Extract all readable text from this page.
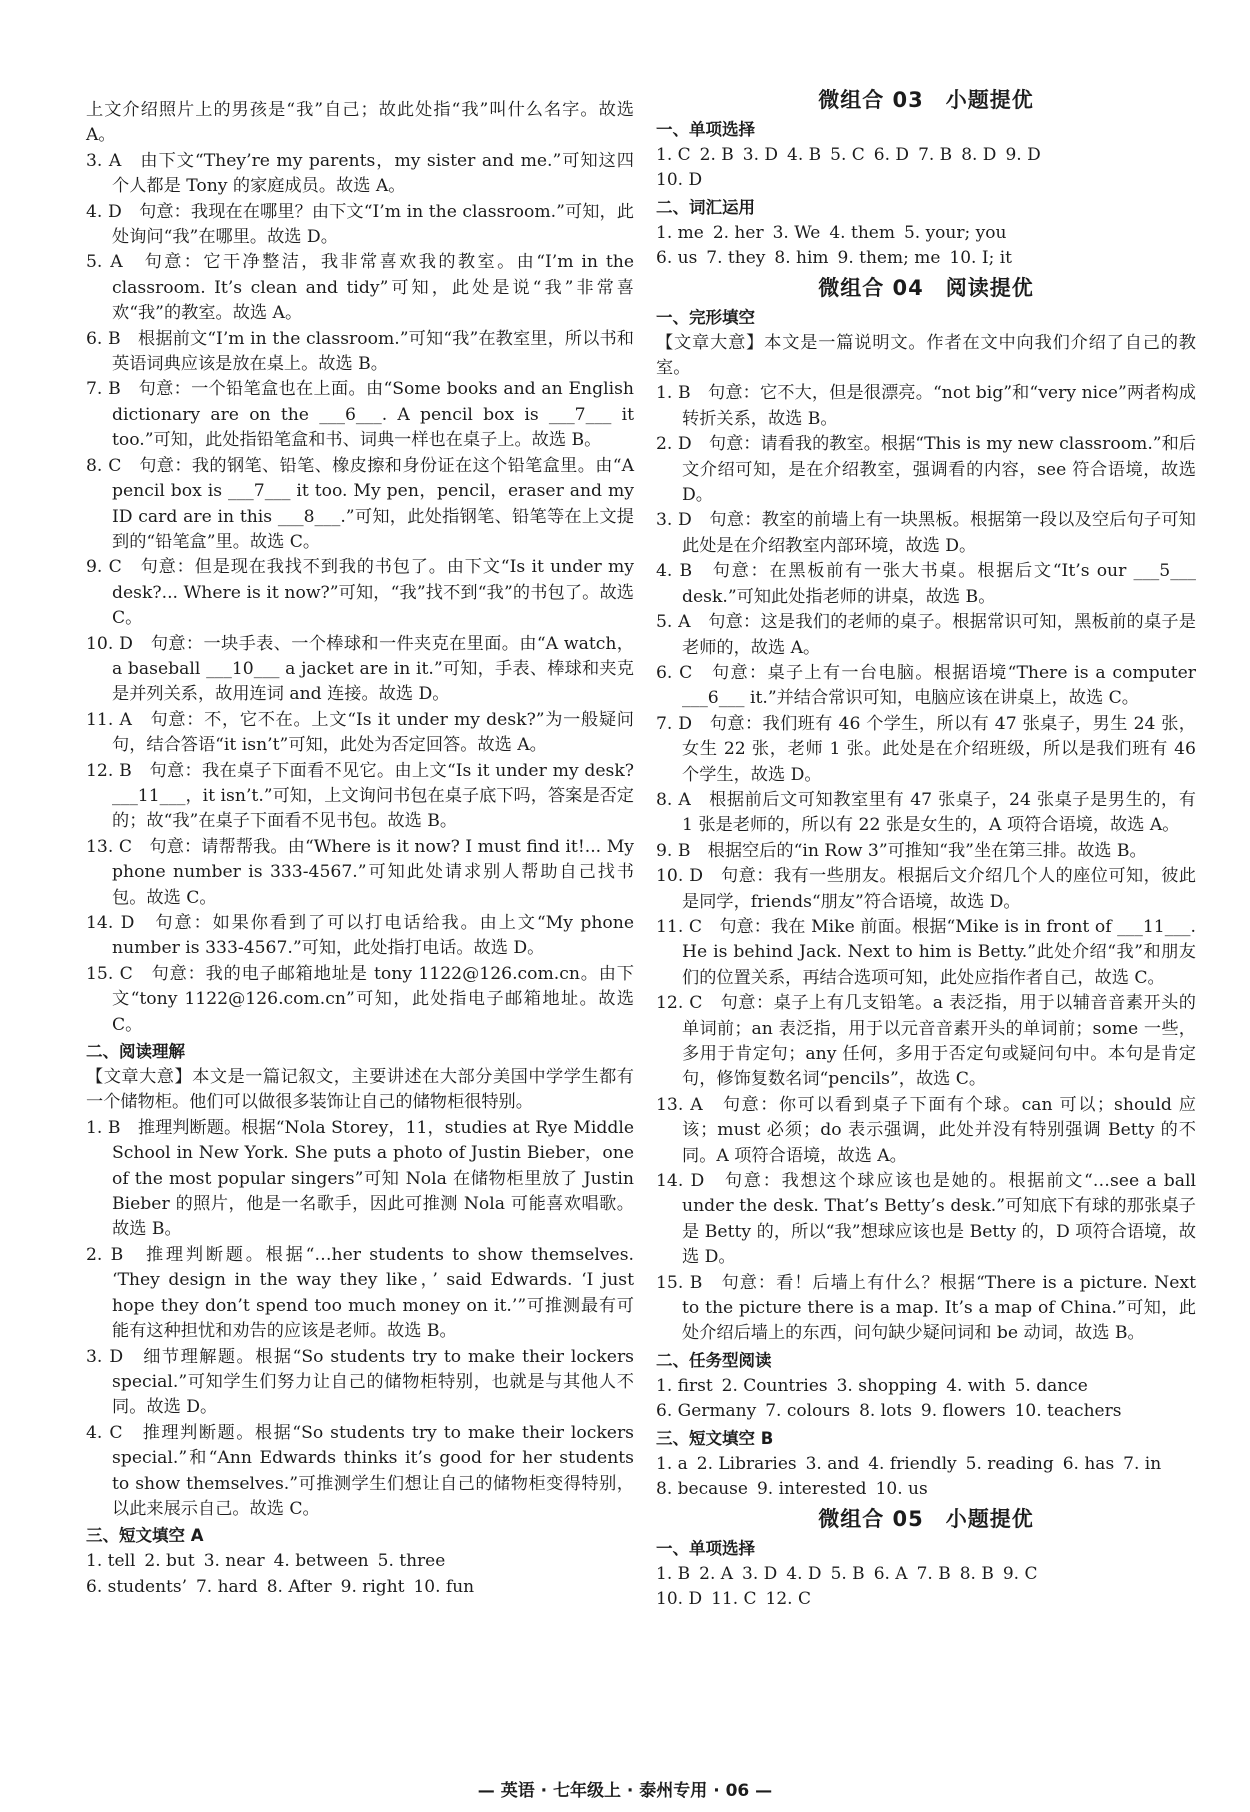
上文介绍照片上的男孩是“我”自己；故此处指“我”叫什么名字。故选 A。

3. A　由下文“They’re my parents，my sister and me.”可知这四个人都是 Tony 的家庭成员。故选 A。

4. D　句意：我现在在哪里？由下文“I’m in the classroom.”可知，此处询问“我”在哪里。故选 D。

5. A　句意：它干净整洁，我非常喜欢我的教室。由“I’m in the classroom. It’s clean and tidy”可知，此处是说“我”非常喜欢“我”的教室。故选 A。

6. B　根据前文“I’m in the classroom.”可知“我”在教室里，所以书和英语词典应该是放在桌上。故选 B。

7. B　句意：一个铅笔盒也在上面。由“Some books and an English dictionary are on the ___6___. A pencil box is ___7___ it too.”可知，此处指铅笔盒和书、词典一样也在桌子上。故选 B。

8. C　句意：我的钢笔、铅笔、橡皮擦和身份证在这个铅笔盒里。由“A pencil box is ___7___ it too. My pen，pencil，eraser and my ID card are in this ___8___.”可知，此处指钢笔、铅笔等在上文提到的“铅笔盒”里。故选 C。

9. C　句意：但是现在我找不到我的书包了。由下文“Is it under my desk?... Where is it now?”可知，“我”找不到“我”的书包了。故选 C。

10. D　句意：一块手表、一个棒球和一件夹克在里面。由“A watch，a baseball ___10___ a jacket are in it.”可知，手表、棒球和夹克是并列关系，故用连词 and 连接。故选 D。

11. A　句意：不，它不在。上文“Is it under my desk?”为一般疑问句，结合答语“it isn’t”可知，此处为否定回答。故选 A。

12. B　句意：我在桌子下面看不见它。由上文“Is it under my desk? ___11___，it isn’t.”可知，上文询问书包在桌子底下吗，答案是否定的；故“我”在桌子下面看不见书包。故选 B。

13. C　句意：请帮帮我。由“Where is it now? I must find it!... My phone number is 333-4567.”可知此处请求别人帮助自己找书包。故选 C。

14. D　句意：如果你看到了可以打电话给我。由上文“My phone number is 333-4567.”可知，此处指打电话。故选 D。

15. C　句意：我的电子邮箱地址是 tony 1122@126.com.cn。由下文“tony 1122@126.com.cn”可知，此处指电子邮箱地址。故选 C。

二、阅读理解

【文章大意】本文是一篇记叙文，主要讲述在大部分美国中学学生都有一个储物柜。他们可以做很多装饰让自己的储物柜很特别。

1. B　推理判断题。根据“Nola Storey，11，studies at Rye Middle School in New York. She puts a photo of Justin Bieber，one of the most popular singers”可知 Nola 在储物柜里放了 Justin Bieber 的照片，他是一名歌手，因此可推测 Nola 可能喜欢唱歌。故选 B。

2. B　推理判断题。根据“…her students to show themselves. ‘They design in the way they like，’ said Edwards. ‘I just hope they don’t spend too much money on it.’”可推测最有可能有这种担忧和劝告的应该是老师。故选 B。

3. D　细节理解题。根据“So students try to make their lockers special.”可知学生们努力让自己的储物柜特别，也就是与其他人不同。故选 D。

4. C　推理判断题。根据“So students try to make their lockers special.”和“Ann Edwards thinks it’s good for her students to show themselves.”可推测学生们想让自己的储物柜变得特别，以此来展示自己。故选 C。

三、短文填空 A
1. tell 2. but 3. near 4. between 5. three
6. students’ 7. hard 8. After 9. right 10. fun

微组合 03　小题提优

一、单项选择
1. C 2. B 3. D 4. B 5. C 6. D 7. B 8. D 9. D
10. D
二、词汇运用
1. me 2. her 3. We 4. them 5. your; you
6. us 7. they 8. him 9. them; me 10. I; it

微组合 04　阅读提优

一、完形填空

【文章大意】本文是一篇说明文。作者在文中向我们介绍了自己的教室。

1. B　句意：它不大，但是很漂亮。“not big”和“very nice”两者构成转折关系，故选 B。

2. D　句意：请看我的教室。根据“This is my new classroom.”和后文介绍可知，是在介绍教室，强调看的内容，see 符合语境，故选 D。

3. D　句意：教室的前墙上有一块黑板。根据第一段以及空后句子可知此处是在介绍教室内部环境，故选 D。

4. B　句意：在黑板前有一张大书桌。根据后文“It’s our ___5___ desk.”可知此处指老师的讲桌，故选 B。

5. A　句意：这是我们的老师的桌子。根据常识可知，黑板前的桌子是老师的，故选 A。

6. C　句意：桌子上有一台电脑。根据语境“There is a computer ___6___ it.”并结合常识可知，电脑应该在讲桌上，故选 C。

7. D　句意：我们班有 46 个学生，所以有 47 张桌子，男生 24 张，女生 22 张，老师 1 张。此处是在介绍班级，所以是我们班有 46 个学生，故选 D。

8. A　根据前后文可知教室里有 47 张桌子，24 张桌子是男生的，有 1 张是老师的，所以有 22 张是女生的，A 项符合语境，故选 A。

9. B　根据空后的“in Row 3”可推知“我”坐在第三排。故选 B。

10. D　句意：我有一些朋友。根据后文介绍几个人的座位可知，彼此是同学，friends“朋友”符合语境，故选 D。

11. C　句意：我在 Mike 前面。根据“Mike is in front of ___11___. He is behind Jack. Next to him is Betty.”此处介绍“我”和朋友们的位置关系，再结合选项可知，此处应指作者自己，故选 C。

12. C　句意：桌子上有几支铅笔。a 表泛指，用于以辅音音素开头的单词前；an 表泛指，用于以元音音素开头的单词前；some 一些，多用于肯定句；any 任何，多用于否定句或疑问句中。本句是肯定句，修饰复数名词“pencils”，故选 C。

13. A　句意：你可以看到桌子下面有个球。can 可以；should 应该；must 必须；do 表示强调，此处并没有特别强调 Betty 的不同。A 项符合语境，故选 A。

14. D　句意：我想这个球应该也是她的。根据前文“…see a ball under the desk. That’s Betty’s desk.”可知底下有球的那张桌子是 Betty 的，所以“我”想球应该也是 Betty 的，D 项符合语境，故选 D。

15. B　句意：看！后墙上有什么？根据“There is a picture. Next to the picture there is a map. It’s a map of China.”可知，此处介绍后墙上的东西，问句缺少疑问词和 be 动词，故选 B。

二、任务型阅读
1. first 2. Countries 3. shopping 4. with 5. dance
6. Germany 7. colours 8. lots 9. flowers 10. teachers
三、短文填空 B
1. a 2. Libraries 3. and 4. friendly 5. reading 6. has 7. in
8. because 9. interested 10. us

微组合 05　小题提优

一、单项选择
1. B 2. A 3. D 4. D 5. B 6. A 7. B 8. B 9. C
10. D 11. C 12. C
— 英语 · 七年级上 · 泰州专用 · 06 —
